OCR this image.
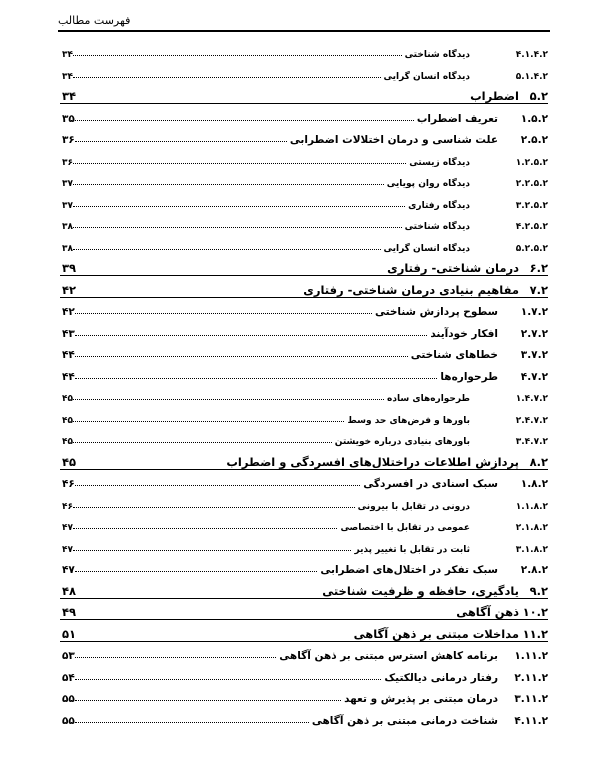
فهرست مطالب
۴.۱.۴.۲
دیدگاه شناختی
۳۴
۵.۱.۴.۲
دیدگاه انسان گرایی
۳۴
۵.۲
اضطراب
۳۴
۱.۵.۲
تعریف اضطراب
۳۵
۲.۵.۲
علت شناسی و درمان اختلالات اضطرابی
۳۶
۱.۲.۵.۲
دیدگاه زیستی
۳۶
۲.۲.۵.۲
دیدگاه روان پویایی
۳۷
۳.۲.۵.۲
دیدگاه رفتاری
۳۷
۴.۲.۵.۲
دیدگاه شناختی
۳۸
۵.۲.۵.۲
دیدگاه انسان گرایی
۳۸
۶.۲
درمان شناختی- رفتاری
۳۹
۷.۲
مفاهیم بنیادی درمان شناختی- رفتاری
۴۲
۱.۷.۲
سطوح پردازش شناختی
۴۲
۲.۷.۲
افکار خودآیند
۴۳
۳.۷.۲
خطاهای شناختی
۴۴
۴.۷.۲
طرحواره‌ها
۴۴
۱.۴.۷.۲
طرحواره‌های ساده
۴۵
۲.۴.۷.۲
باورها و فرض‌های حد وسط
۴۵
۳.۴.۷.۲
باورهای بنیادی درباره خویشتن
۴۵
۸.۲
پردازش اطلاعات دراختلال‌های افسردگی و اضطراب
۴۵
۱.۸.۲
سبک اسنادی در افسردگی
۴۶
۱.۱.۸.۲
درونی در تقابل با بیرونی
۴۶
۲.۱.۸.۲
عمومی در تقابل با اختصاصی
۴۷
۳.۱.۸.۲
ثابت در تقابل با تغییر پذیر
۴۷
۲.۸.۲
سبک تفکر در اختلال‌های اضطرابی
۴۷
۹.۲
یادگیری، حافظه و ظرفیت شناختی
۴۸
۱۰.۲
ذهن آگاهی
۴۹
۱۱.۲
مداخلات مبتنی بر ذهن آگاهی
۵۱
۱.۱۱.۲
برنامه کاهش استرس مبتنی بر ذهن آگاهی
۵۳
۲.۱۱.۲
رفتار درمانی دیالکتیک
۵۴
۳.۱۱.۲
درمان مبتنی بر پذیرش و تعهد
۵۵
۴.۱۱.۲
شناخت درمانی مبتنی بر ذهن آگاهی
۵۵
